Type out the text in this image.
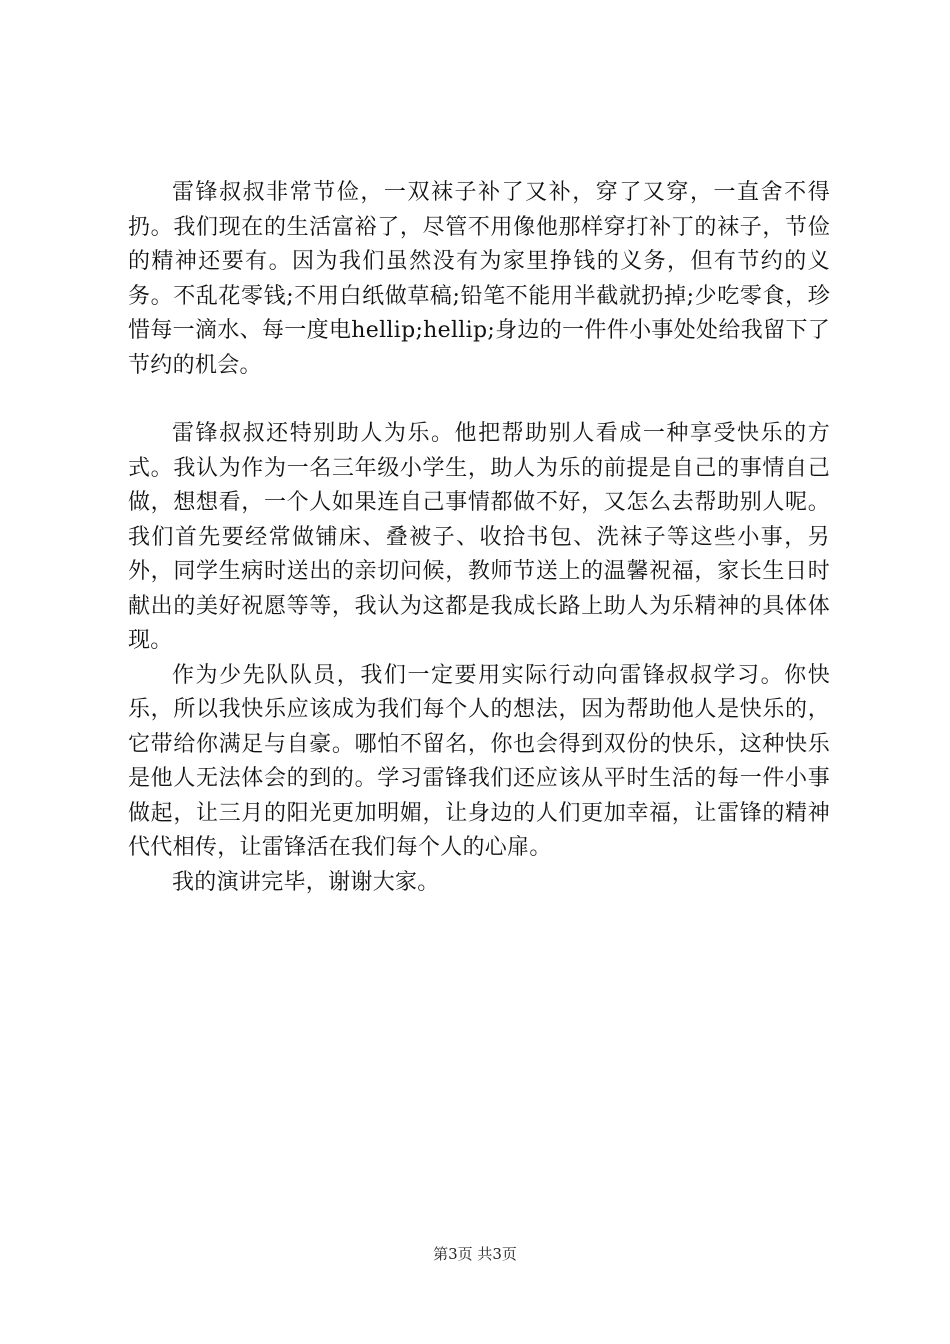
雷锋叔叔非常节俭，一双袜子补了又补，穿了又穿，一直舍不得扔。我们现在的生活富裕了，尽管不用像他那样穿打补丁的袜子，节俭的精神还要有。因为我们虽然没有为家里挣钱的义务，但有节约的义务。不乱花零钱;不用白纸做草稿;铅笔不能用半截就扔掉;少吃零食，珍惜每一滴水、每一度电hellip;hellip;身边的一件件小事处处给我留下了节约的机会。

雷锋叔叔还特别助人为乐。他把帮助别人看成一种享受快乐的方式。我认为作为一名三年级小学生，助人为乐的前提是自己的事情自己做，想想看，一个人如果连自己事情都做不好，又怎么去帮助别人呢。我们首先要经常做铺床、叠被子、收拾书包、洗袜子等这些小事，另外，同学生病时送出的亲切问候，教师节送上的温馨祝福，家长生日时献出的美好祝愿等等，我认为这都是我成长路上助人为乐精神的具体体现。

作为少先队队员，我们一定要用实际行动向雷锋叔叔学习。你快乐，所以我快乐应该成为我们每个人的想法，因为帮助他人是快乐的，它带给你满足与自豪。哪怕不留名，你也会得到双份的快乐，这种快乐是他人无法体会的到的。学习雷锋我们还应该从平时生活的每一件小事做起，让三月的阳光更加明媚，让身边的人们更加幸福，让雷锋的精神代代相传，让雷锋活在我们每个人的心扉。

我的演讲完毕，谢谢大家。

第3页 共3页
